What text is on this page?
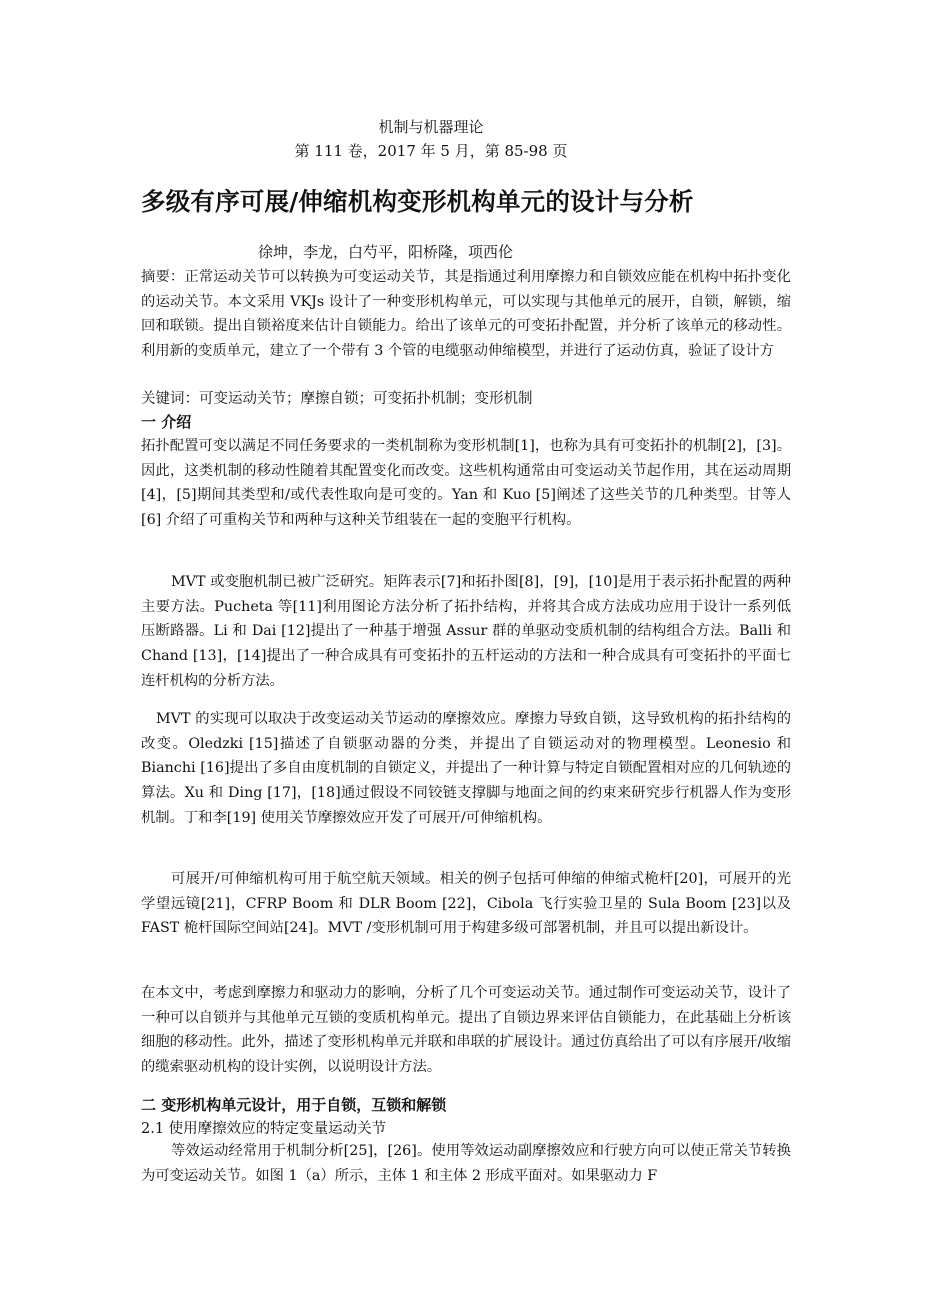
机制与机器理论
第 111 卷，2017 年 5 月，第 85-98 页
多级有序可展/伸缩机构变形机构单元的设计与分析
徐坤，李龙，白芍平，阳桥隆，项西伦
摘要：正常运动关节可以转换为可变运动关节，其是指通过利用摩擦力和自锁效应能在机构中拓扑变化的运动关节。本文采用 VKJs 设计了一种变形机构单元，可以实现与其他单元的展开，自锁，解锁，缩回和联锁。提出自锁裕度来估计自锁能力。给出了该单元的可变拓扑配置，并分析了该单元的移动性。利用新的变质单元，建立了一个带有 3 个管的电缆驱动伸缩模型，并进行了运动仿真，验证了设计方
关键词：可变运动关节；摩擦自锁；可变拓扑机制；变形机制
一 介绍
拓扑配置可变以满足不同任务要求的一类机制称为变形机制[1]，也称为具有可变拓扑的机制[2]，[3]。因此，这类机制的移动性随着其配置变化而改变。这些机构通常由可变运动关节起作用，其在运动周期[4]，[5]期间其类型和/或代表性取向是可变的。Yan 和 Kuo [5]阐述了这些关节的几种类型。甘等人[6] 介绍了可重构关节和两种与这种关节组装在一起的变胞平行机构。
MVT 或变胞机制已被广泛研究。矩阵表示[7]和拓扑图[8]，[9]，[10]是用于表示拓扑配置的两种主要方法。Pucheta 等[11]利用图论方法分析了拓扑结构，并将其合成方法成功应用于设计一系列低压断路器。Li 和 Dai [12]提出了一种基于增强 Assur 群的单驱动变质机制的结构组合方法。Balli 和 Chand [13]，[14]提出了一种合成具有可变拓扑的五杆运动的方法和一种合成具有可变拓扑的平面七连杆机构的分析方法。
MVT 的实现可以取决于改变运动关节运动的摩擦效应。摩擦力导致自锁，这导致机构的拓扑结构的改变。Oledzki [15]描述了自锁驱动器的分类，并提出了自锁运动对的物理模型。Leonesio 和 Bianchi [16]提出了多自由度机制的自锁定义，并提出了一种计算与特定自锁配置相对应的几何轨迹的算法。Xu 和 Ding [17]，[18]通过假设不同铰链支撑脚与地面之间的约束来研究步行机器人作为变形机制。丁和李[19] 使用关节摩擦效应开发了可展开/可伸缩机构。
可展开/可伸缩机构可用于航空航天领域。相关的例子包括可伸缩的伸缩式桅杆[20]，可展开的光学望远镜[21]，CFRP Boom 和 DLR Boom [22]，Cibola 飞行实验卫星的 Sula Boom [23]以及 FAST 桅杆国际空间站[24]。MVT /变形机制可用于构建多级可部署机制，并且可以提出新设计。
在本文中，考虑到摩擦力和驱动力的影响，分析了几个可变运动关节。通过制作可变运动关节，设计了一种可以自锁并与其他单元互锁的变质机构单元。提出了自锁边界来评估自锁能力，在此基础上分析该细胞的移动性。此外，描述了变形机构单元并联和串联的扩展设计。通过仿真给出了可以有序展开/收缩的缆索驱动机构的设计实例，以说明设计方法。
二 变形机构单元设计，用于自锁，互锁和解锁
2.1 使用摩擦效应的特定变量运动关节
等效运动经常用于机制分析[25]，[26]。使用等效运动副摩擦效应和行驶方向可以使正常关节转换为可变运动关节。如图 1（a）所示，主体 1 和主体 2 形成平面对。如果驱动力 F
